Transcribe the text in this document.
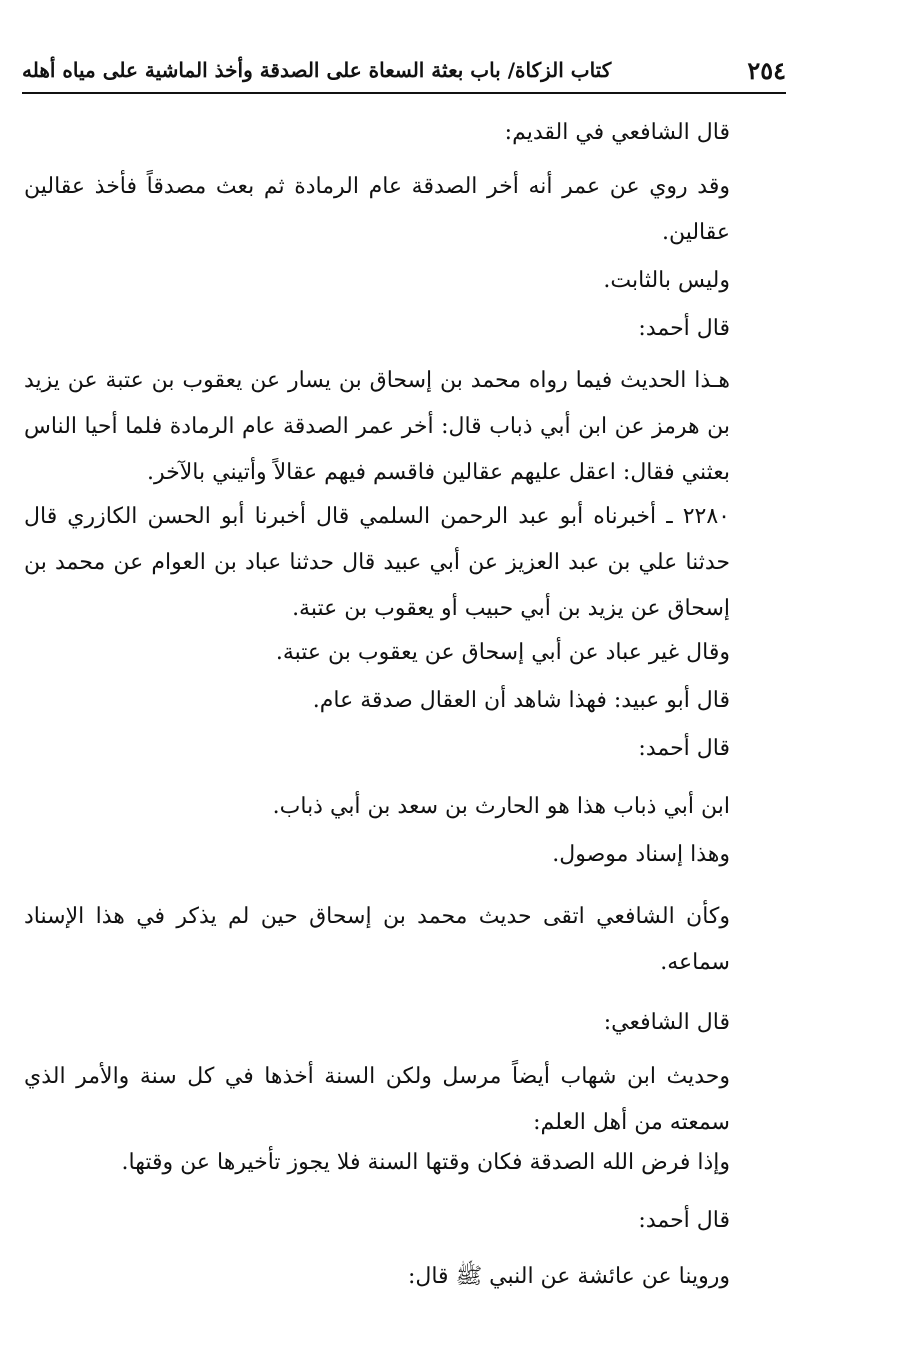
٢٥٤
كتاب الزكاة/ باب بعثة السعاة على الصدقة وأخذ الماشية على مياه أهله
قال الشافعي في القديم:
وقد روي عن عمر أنه أخر الصدقة عام الرمادة ثم بعث مصدقاً فأخذ عقالين عقالين.
وليس بالثابت.
قال أحمد:
هـذا الحديث فيما رواه محمد بن إسحاق بن يسار عن يعقوب بن عتبة عن يزيد بن هرمز عن ابن أبي ذباب قال: أخر عمر الصدقة عام الرمادة فلما أحيا الناس بعثني فقال: اعقل عليهم عقالين فاقسم فيهم عقالاً وأتيني بالآخر.
٢٢٨٠ ـ أخبرناه أبو عبد الرحمن السلمي قال أخبرنا أبو الحسن الكازري قال حدثنا علي بن عبد العزيز عن أبي عبيد قال حدثنا عباد بن العوام عن محمد بن إسحاق عن يزيد بن أبي حبيب أو يعقوب بن عتبة.
وقال غير عباد عن أبي إسحاق عن يعقوب بن عتبة.
قال أبو عبيد: فهذا شاهد أن العقال صدقة عام.
قال أحمد:
ابن أبي ذباب هذا هو الحارث بن سعد بن أبي ذباب.
وهذا إسناد موصول.
وكأن الشافعي اتقى حديث محمد بن إسحاق حين لم يذكر في هذا الإسناد سماعه.
قال الشافعي:
وحديث ابن شهاب أيضاً مرسل ولكن السنة أخذها في كل سنة والأمر الذي سمعته من أهل العلم:
وإذا فرض الله الصدقة فكان وقتها السنة فلا يجوز تأخيرها عن وقتها.
قال أحمد:
وروينا عن عائشة عن النبي ﷺ قال:
